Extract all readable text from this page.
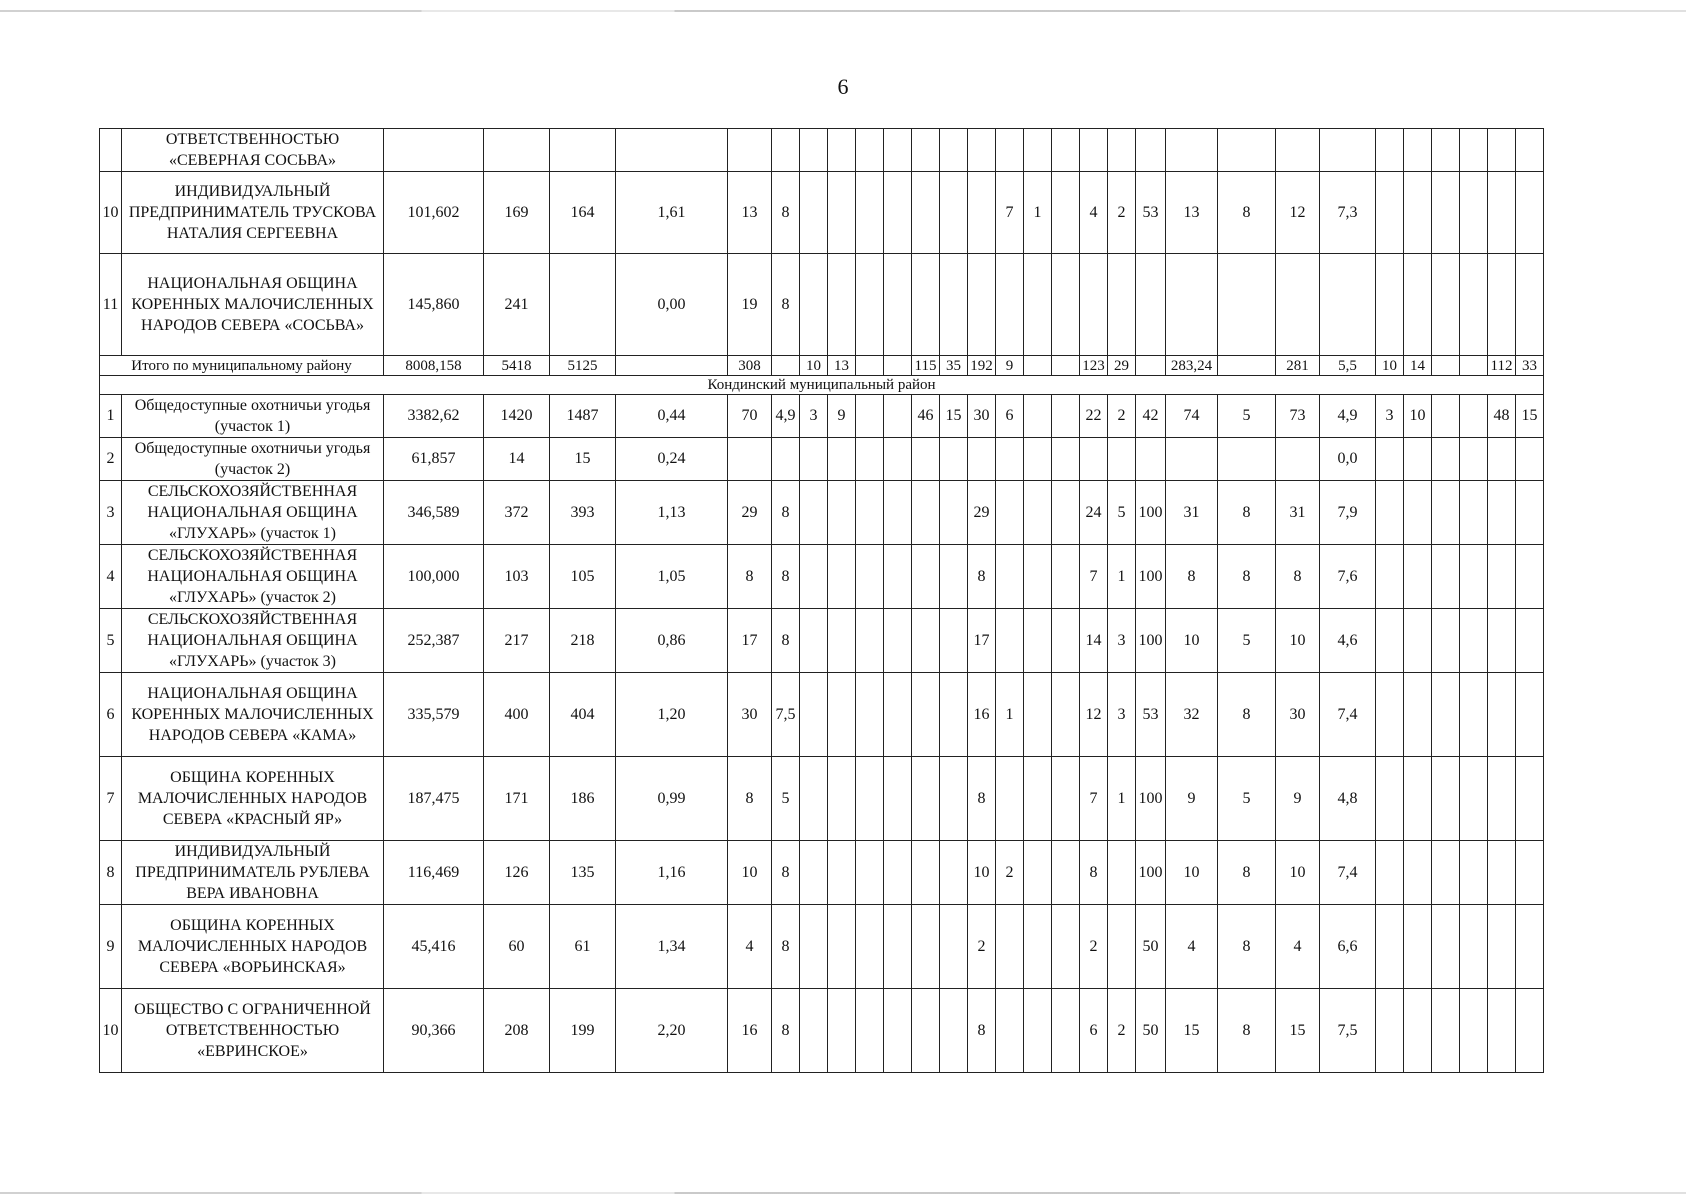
6
	ОТВЕТСТВЕННОСТЬЮ «СЕВЕРНАЯ СОСЬВА»																													
10	ИНДИВИДУАЛЬНЫЙ ПРЕДПРИНИМАТЕЛЬ ТРУСКОВА НАТАЛИЯ СЕРГЕЕВНА	101,602	169	164	1,61	13	8								7	1		4	2	53	13	8	12	7,3						
11	НАЦИОНАЛЬНАЯ ОБЩИНА КОРЕННЫХ МАЛОЧИСЛЕННЫХ НАРОДОВ СЕВЕРА «СОСЬВА»	145,860	241		0,00	19	8																							
Итого по муниципальному району		8008,158	5418	5125		308		10	13			115	35	192	9			123	29		283,24		281	5,5	10	14			112	33
Кондинский муниципальный район																														
1	Общедоступные охотничьи угодья (участок 1)	3382,62	1420	1487	0,44	70	4,9	3	9			46	15	30	6			22	2	42	74	5	73	4,9	3	10			48	15
2	Общедоступные охотничьи угодья (участок 2)	61,857	14	15	0,24																			0,0						
3	СЕЛЬСКОХОЗЯЙСТВЕННАЯ НАЦИОНАЛЬНАЯ ОБЩИНА «ГЛУХАРЬ» (участок 1)	346,589	372	393	1,13	29	8							29				24	5	100	31	8	31	7,9						
4	СЕЛЬСКОХОЗЯЙСТВЕННАЯ НАЦИОНАЛЬНАЯ ОБЩИНА «ГЛУХАРЬ» (участок 2)	100,000	103	105	1,05	8	8							8				7	1	100	8	8	8	7,6						
5	СЕЛЬСКОХОЗЯЙСТВЕННАЯ НАЦИОНАЛЬНАЯ ОБЩИНА «ГЛУХАРЬ» (участок 3)	252,387	217	218	0,86	17	8							17				14	3	100	10	5	10	4,6						
6	НАЦИОНАЛЬНАЯ ОБЩИНА КОРЕННЫХ МАЛОЧИСЛЕННЫХ НАРОДОВ СЕВЕРА «КАМА»	335,579	400	404	1,20	30	7,5							16	1			12	3	53	32	8	30	7,4						
7	ОБЩИНА КОРЕННЫХ МАЛОЧИСЛЕННЫХ НАРОДОВ СЕВЕРА «КРАСНЫЙ ЯР»	187,475	171	186	0,99	8	5							8				7	1	100	9	5	9	4,8						
8	ИНДИВИДУАЛЬНЫЙ ПРЕДПРИНИМАТЕЛЬ РУБЛЕВА ВЕРА ИВАНОВНА	116,469	126	135	1,16	10	8							10	2			8		100	10	8	10	7,4						
9	ОБЩИНА КОРЕННЫХ МАЛОЧИСЛЕННЫХ НАРОДОВ СЕВЕРА «ВОРЬИНСКАЯ»	45,416	60	61	1,34	4	8							2				2		50	4	8	4	6,6						
10	ОБЩЕСТВО С ОГРАНИЧЕННОЙ ОТВЕТСТВЕННОСТЬЮ «ЕВРИНСКОЕ»	90,366	208	199	2,20	16	8							8				6	2	50	15	8	15	7,5						
